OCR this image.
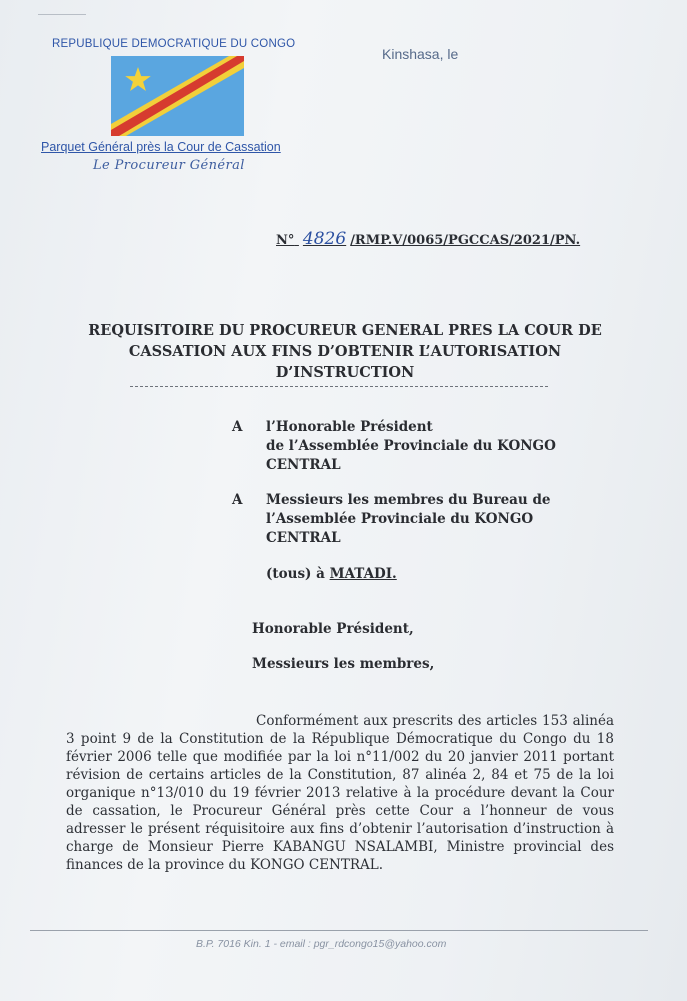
REPUBLIQUE DEMOCRATIQUE DU CONGO
Parquet Général près la Cour de Cassation
Le Procureur Général
Kinshasa, le
N° 4826 /RMP.V/0065/PGCCAS/2021/PN.
REQUISITOIRE DU PROCUREUR GENERAL PRES LA COUR DE CASSATION AUX FINS D’OBTENIR L’AUTORISATION D’INSTRUCTION
A l’Honorable Président
de l’Assemblée Provinciale du KONGO
CENTRAL
A Messieurs les membres du Bureau de
l’Assemblée Provinciale du KONGO
CENTRAL
(tous) à MATADI.
Honorable Président,
Messieurs les membres,
Conformément aux prescrits des articles 153 alinéa 3 point 9 de la Constitution de la République Démocratique du Congo du 18 février 2006 telle que modifiée par la loi n°11/002 du 20 janvier 2011 portant révision de certains articles de la Constitution, 87 alinéa 2, 84 et 75 de la loi organique n°13/010 du 19 février 2013 relative à la procédure devant la Cour de cassation, le Procureur Général près cette Cour a l’honneur de vous adresser le présent réquisitoire aux fins d’obtenir l’autorisation d’instruction à charge de Monsieur Pierre KABANGU NSALAMBI, Ministre provincial des finances de la province du KONGO CENTRAL.
B.P. 7016 Kin. 1 - email : pgr_rdcongo15@yahoo.com
